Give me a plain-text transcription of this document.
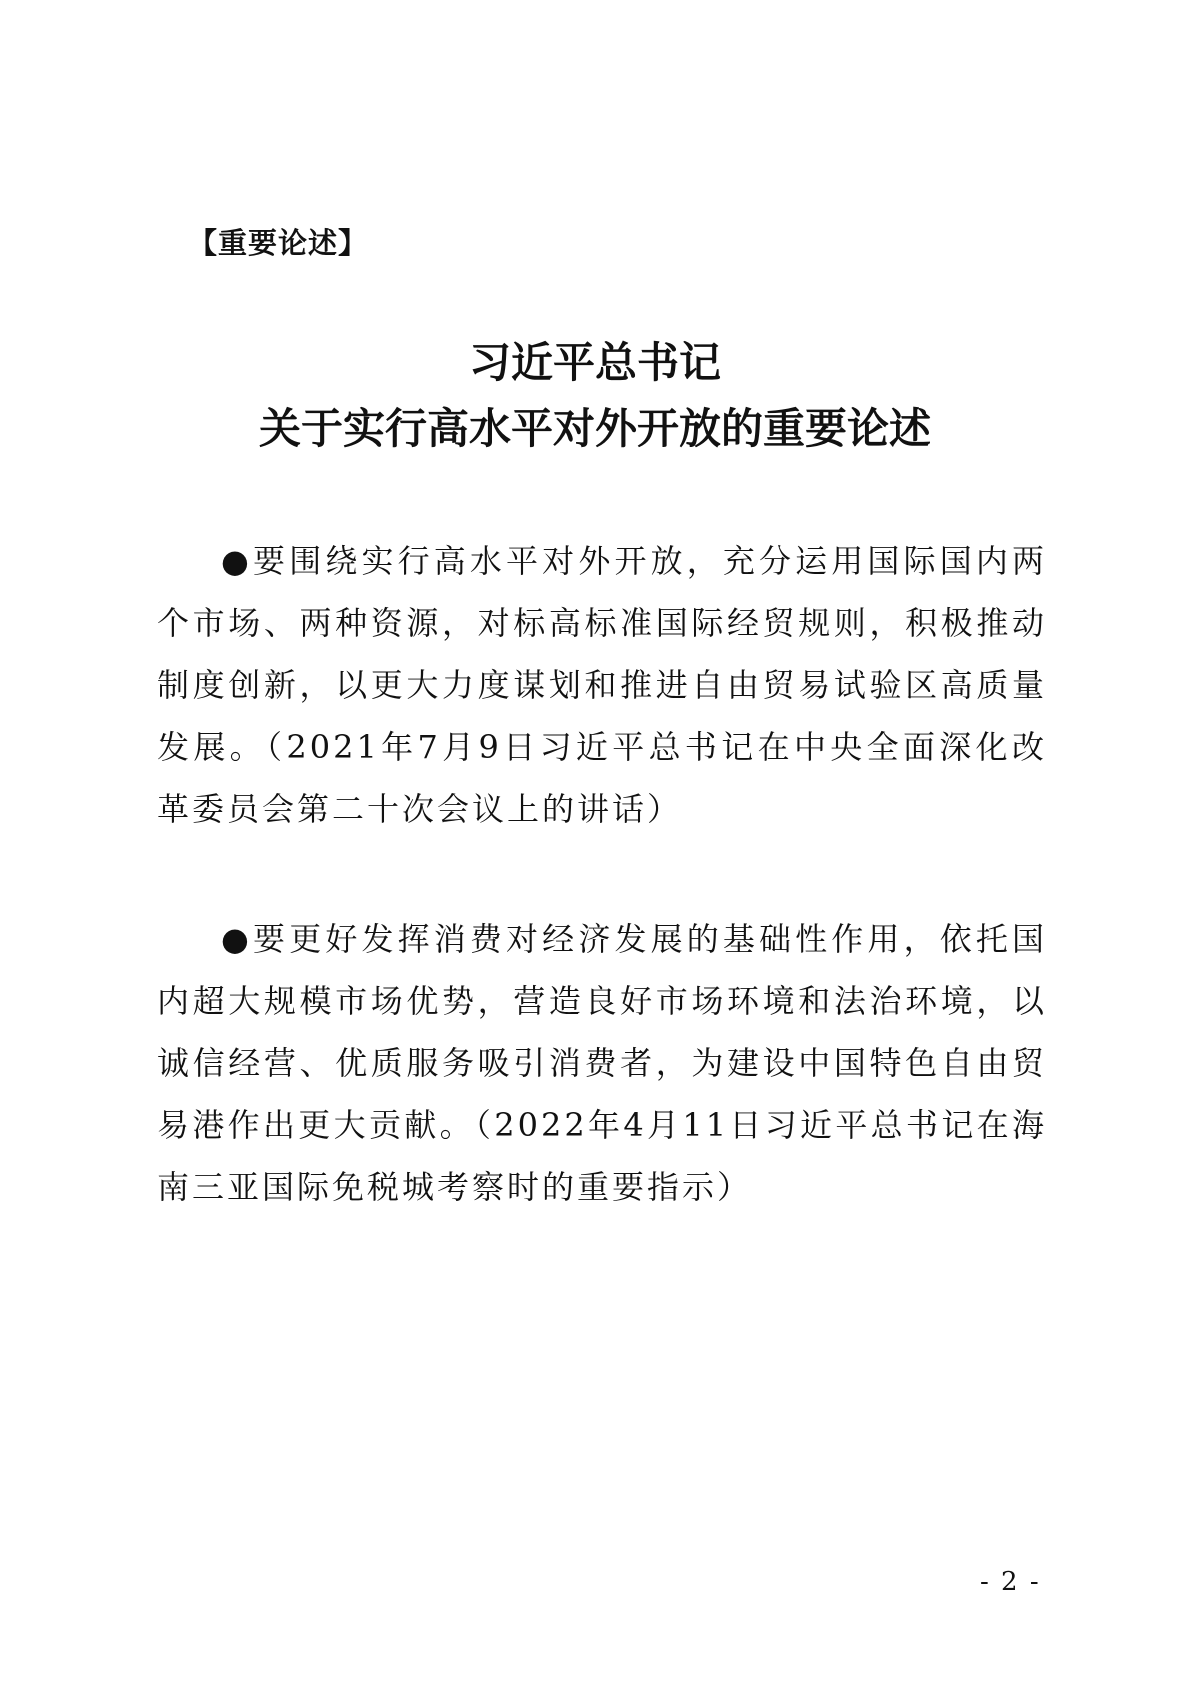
【重要论述】

习近平总书记
关于实行高水平对外开放的重要论述

●要围绕实行高水平对外开放，充分运用国际国内两个市场、两种资源，对标高标准国际经贸规则，积极推动制度创新，以更大力度谋划和推进自由贸易试验区高质量发展。（2021年7月9日习近平总书记在中央全面深化改革委员会第二十次会议上的讲话）

●要更好发挥消费对经济发展的基础性作用，依托国内超大规模市场优势，营造良好市场环境和法治环境，以诚信经营、优质服务吸引消费者，为建设中国特色自由贸易港作出更大贡献。（2022年4月11日习近平总书记在海南三亚国际免税城考察时的重要指示）

- 2 -
